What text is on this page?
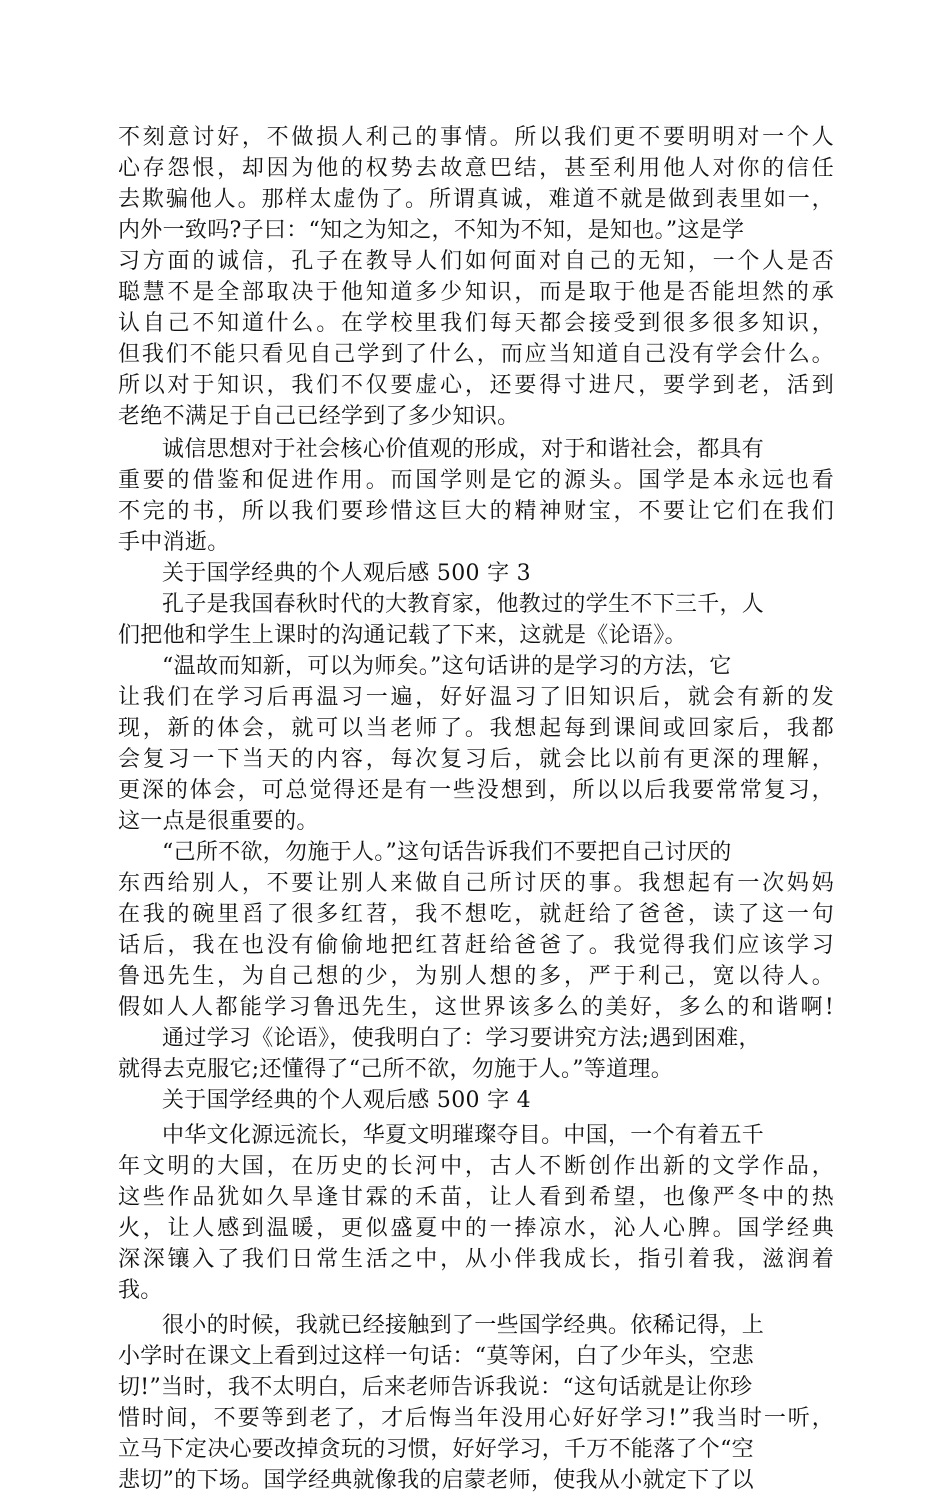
不刻意讨好，不做损人利己的事情。所以我们更不要明明对一个人
心存怨恨，却因为他的权势去故意巴结，甚至利用他人对你的信任
去欺骗他人。那样太虚伪了。所谓真诚，难道不就是做到表里如一，
内外一致吗?子曰：“知之为知之，不知为不知，是知也。”这是学
习方面的诚信，孔子在教导人们如何面对自己的无知，一个人是否
聪慧不是全部取决于他知道多少知识，而是取于他是否能坦然的承
认自己不知道什么。在学校里我们每天都会接受到很多很多知识，
但我们不能只看见自己学到了什么，而应当知道自己没有学会什么。
所以对于知识，我们不仅要虚心，还要得寸进尺，要学到老，活到
老绝不满足于自己已经学到了多少知识。
诚信思想对于社会核心价值观的形成，对于和谐社会，都具有
重要的借鉴和促进作用。而国学则是它的源头。国学是本永远也看
不完的书，所以我们要珍惜这巨大的精神财宝，不要让它们在我们
手中消逝。
关于国学经典的个人观后感 500 字 3
孔子是我国春秋时代的大教育家，他教过的学生不下三千，人
们把他和学生上课时的沟通记载了下来，这就是《论语》。
“温故而知新，可以为师矣。”这句话讲的是学习的方法，它
让我们在学习后再温习一遍，好好温习了旧知识后，就会有新的发
现，新的体会，就可以当老师了。我想起每到课间或回家后，我都
会复习一下当天的内容，每次复习后，就会比以前有更深的理解，
更深的体会，可总觉得还是有一些没想到，所以以后我要常常复习，
这一点是很重要的。
“己所不欲，勿施于人。”这句话告诉我们不要把自己讨厌的
东西给别人，不要让别人来做自己所讨厌的事。我想起有一次妈妈
在我的碗里舀了很多红苕，我不想吃，就赶给了爸爸，读了这一句
话后，我在也没有偷偷地把红苕赶给爸爸了。我觉得我们应该学习
鲁迅先生，为自己想的少，为别人想的多，严于利己，宽以待人。
假如人人都能学习鲁迅先生，这世界该多么的美好，多么的和谐啊!
通过学习《论语》，使我明白了：学习要讲究方法;遇到困难，
就得去克服它;还懂得了“己所不欲，勿施于人。”等道理。
关于国学经典的个人观后感 500 字 4
中华文化源远流长，华夏文明璀璨夺目。中国，一个有着五千
年文明的大国，在历史的长河中，古人不断创作出新的文学作品，
这些作品犹如久旱逢甘霖的禾苗，让人看到希望，也像严冬中的热
火，让人感到温暖，更似盛夏中的一捧凉水，沁人心脾。国学经典
深深镶入了我们日常生活之中，从小伴我成长，指引着我，滋润着
我。
很小的时候，我就已经接触到了一些国学经典。依稀记得，上
小学时在课文上看到过这样一句话：“莫等闲，白了少年头，空悲
切!”当时，我不太明白，后来老师告诉我说：“这句话就是让你珍
惜时间，不要等到老了，才后悔当年没用心好好学习!”我当时一听，
立马下定决心要改掉贪玩的习惯，好好学习，千万不能落了个“空
悲切”的下场。国学经典就像我的启蒙老师，使我从小就定下了以
